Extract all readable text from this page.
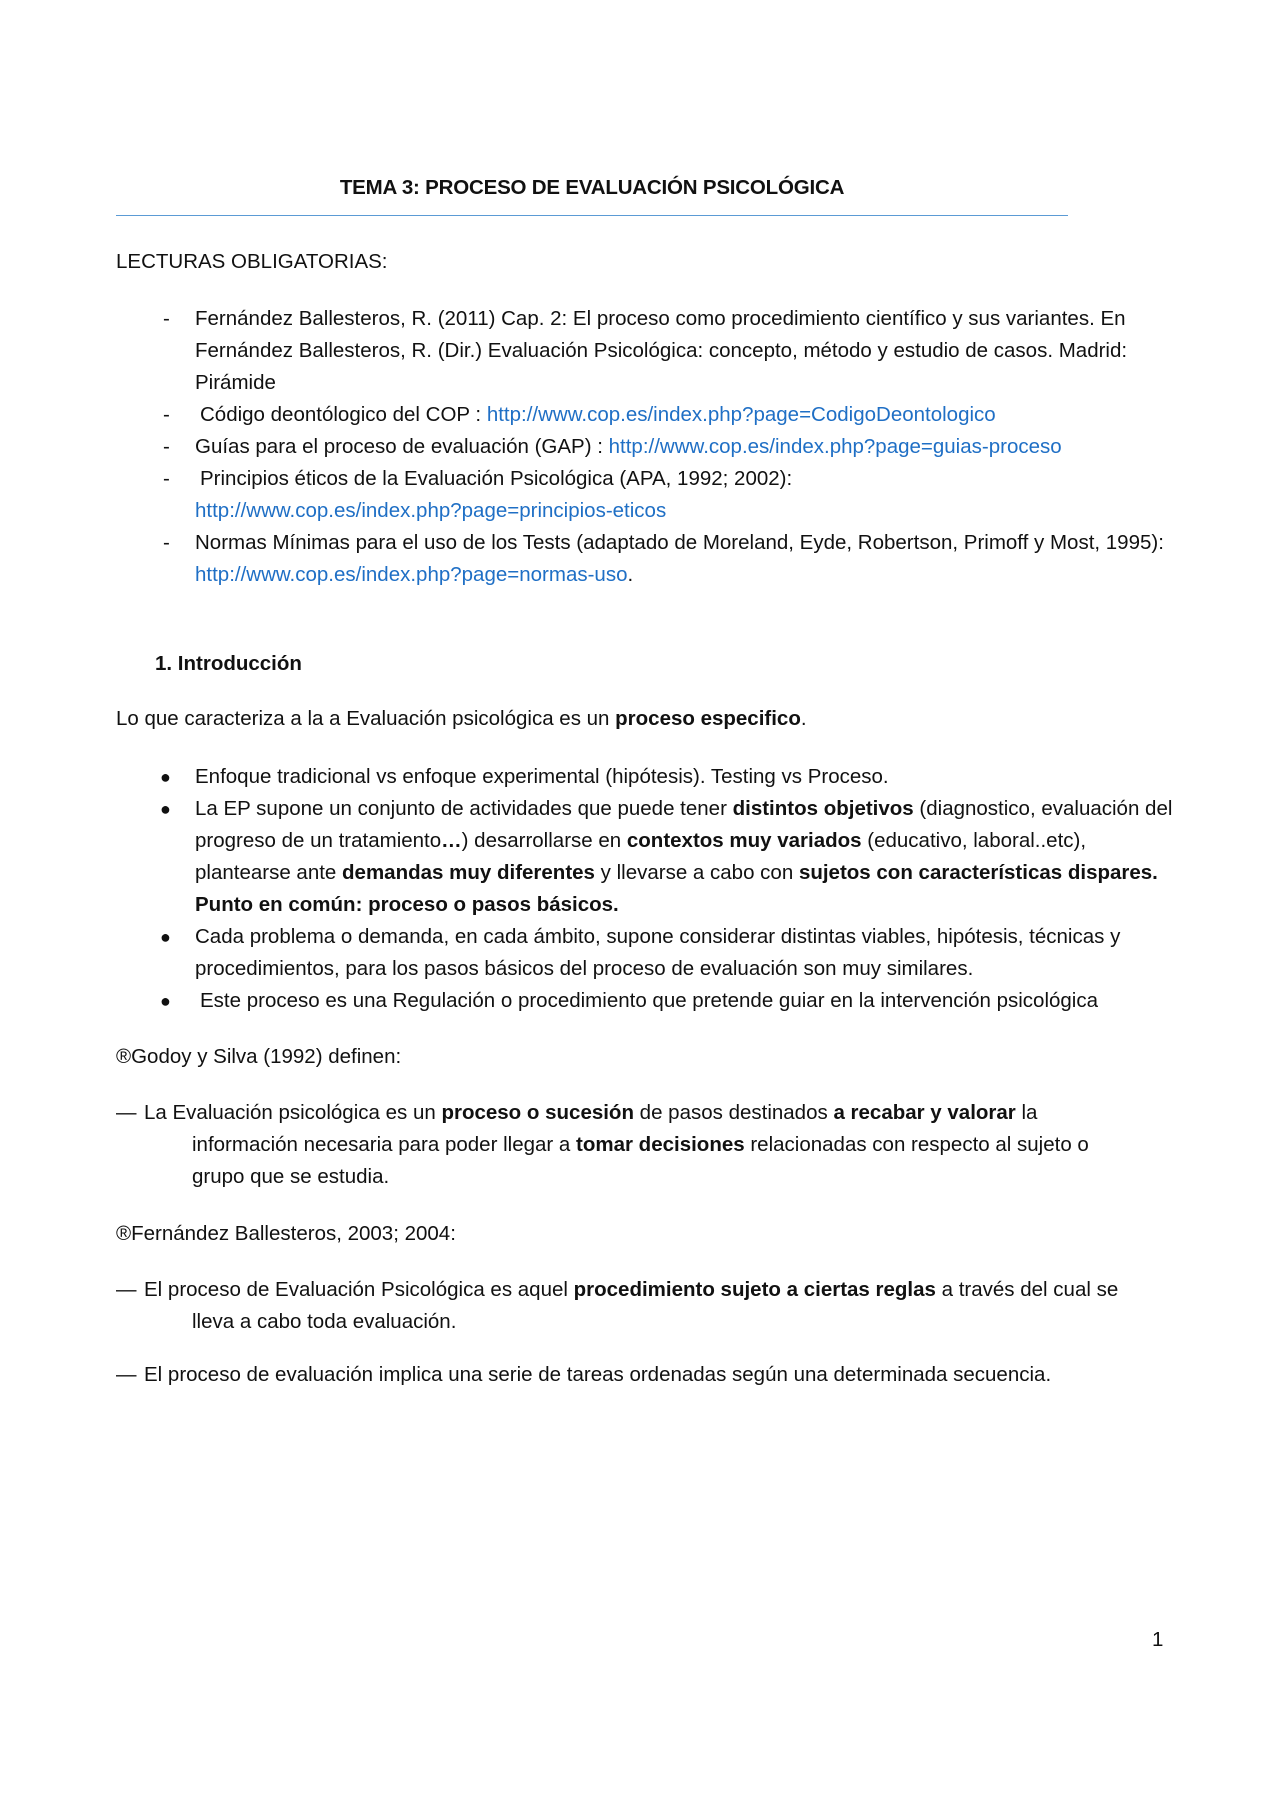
TEMA 3: PROCESO DE EVALUACIÓN PSICOLÓGICA
LECTURAS OBLIGATORIAS:
- Fernández Ballesteros, R. (2011) Cap. 2: El proceso como procedimiento científico y sus variantes. En Fernández Ballesteros, R. (Dir.) Evaluación Psicológica: concepto, método y estudio de casos. Madrid: Pirámide
- Código deontólogico del COP : http://www.cop.es/index.php?page=CodigoDeontologico
- Guías para el proceso de evaluación (GAP) : http://www.cop.es/index.php?page=guias-proceso
- Principios éticos de la Evaluación Psicológica (APA, 1992; 2002):
http://www.cop.es/index.php?page=principios-eticos
- Normas Mínimas para el uso de los Tests (adaptado de Moreland, Eyde, Robertson, Primoff y Most, 1995): http://www.cop.es/index.php?page=normas-uso.
1. Introducción
Lo que caracteriza a la a Evaluación psicológica es un proceso especifico.
● Enfoque tradicional vs enfoque experimental (hipótesis). Testing vs Proceso.
● La EP supone un conjunto de actividades que puede tener distintos objetivos (diagnostico, evaluación del progreso de un tratamiento…) desarrollarse en contextos muy variados (educativo, laboral..etc), plantearse ante demandas muy diferentes y llevarse a cabo con sujetos con características dispares. Punto en común: proceso o pasos básicos.
● Cada problema o demanda, en cada ámbito, supone considerar distintas viables, hipótesis, técnicas y procedimientos, para los pasos básicos del proceso de evaluación son muy similares.
● Este proceso es una Regulación o procedimiento que pretende guiar en la intervención psicológica
®Godoy y Silva (1992) definen:
— La Evaluación psicológica es un proceso o sucesión de pasos destinados a recabar y valorar la
información necesaria para poder llegar a tomar decisiones relacionadas con respecto al sujeto o
grupo que se estudia.
®Fernández Ballesteros, 2003; 2004:
— El proceso de Evaluación Psicológica es aquel procedimiento sujeto a ciertas reglas a través del cual se
lleva a cabo toda evaluación.
— El proceso de evaluación implica una serie de tareas ordenadas según una determinada secuencia.
1
